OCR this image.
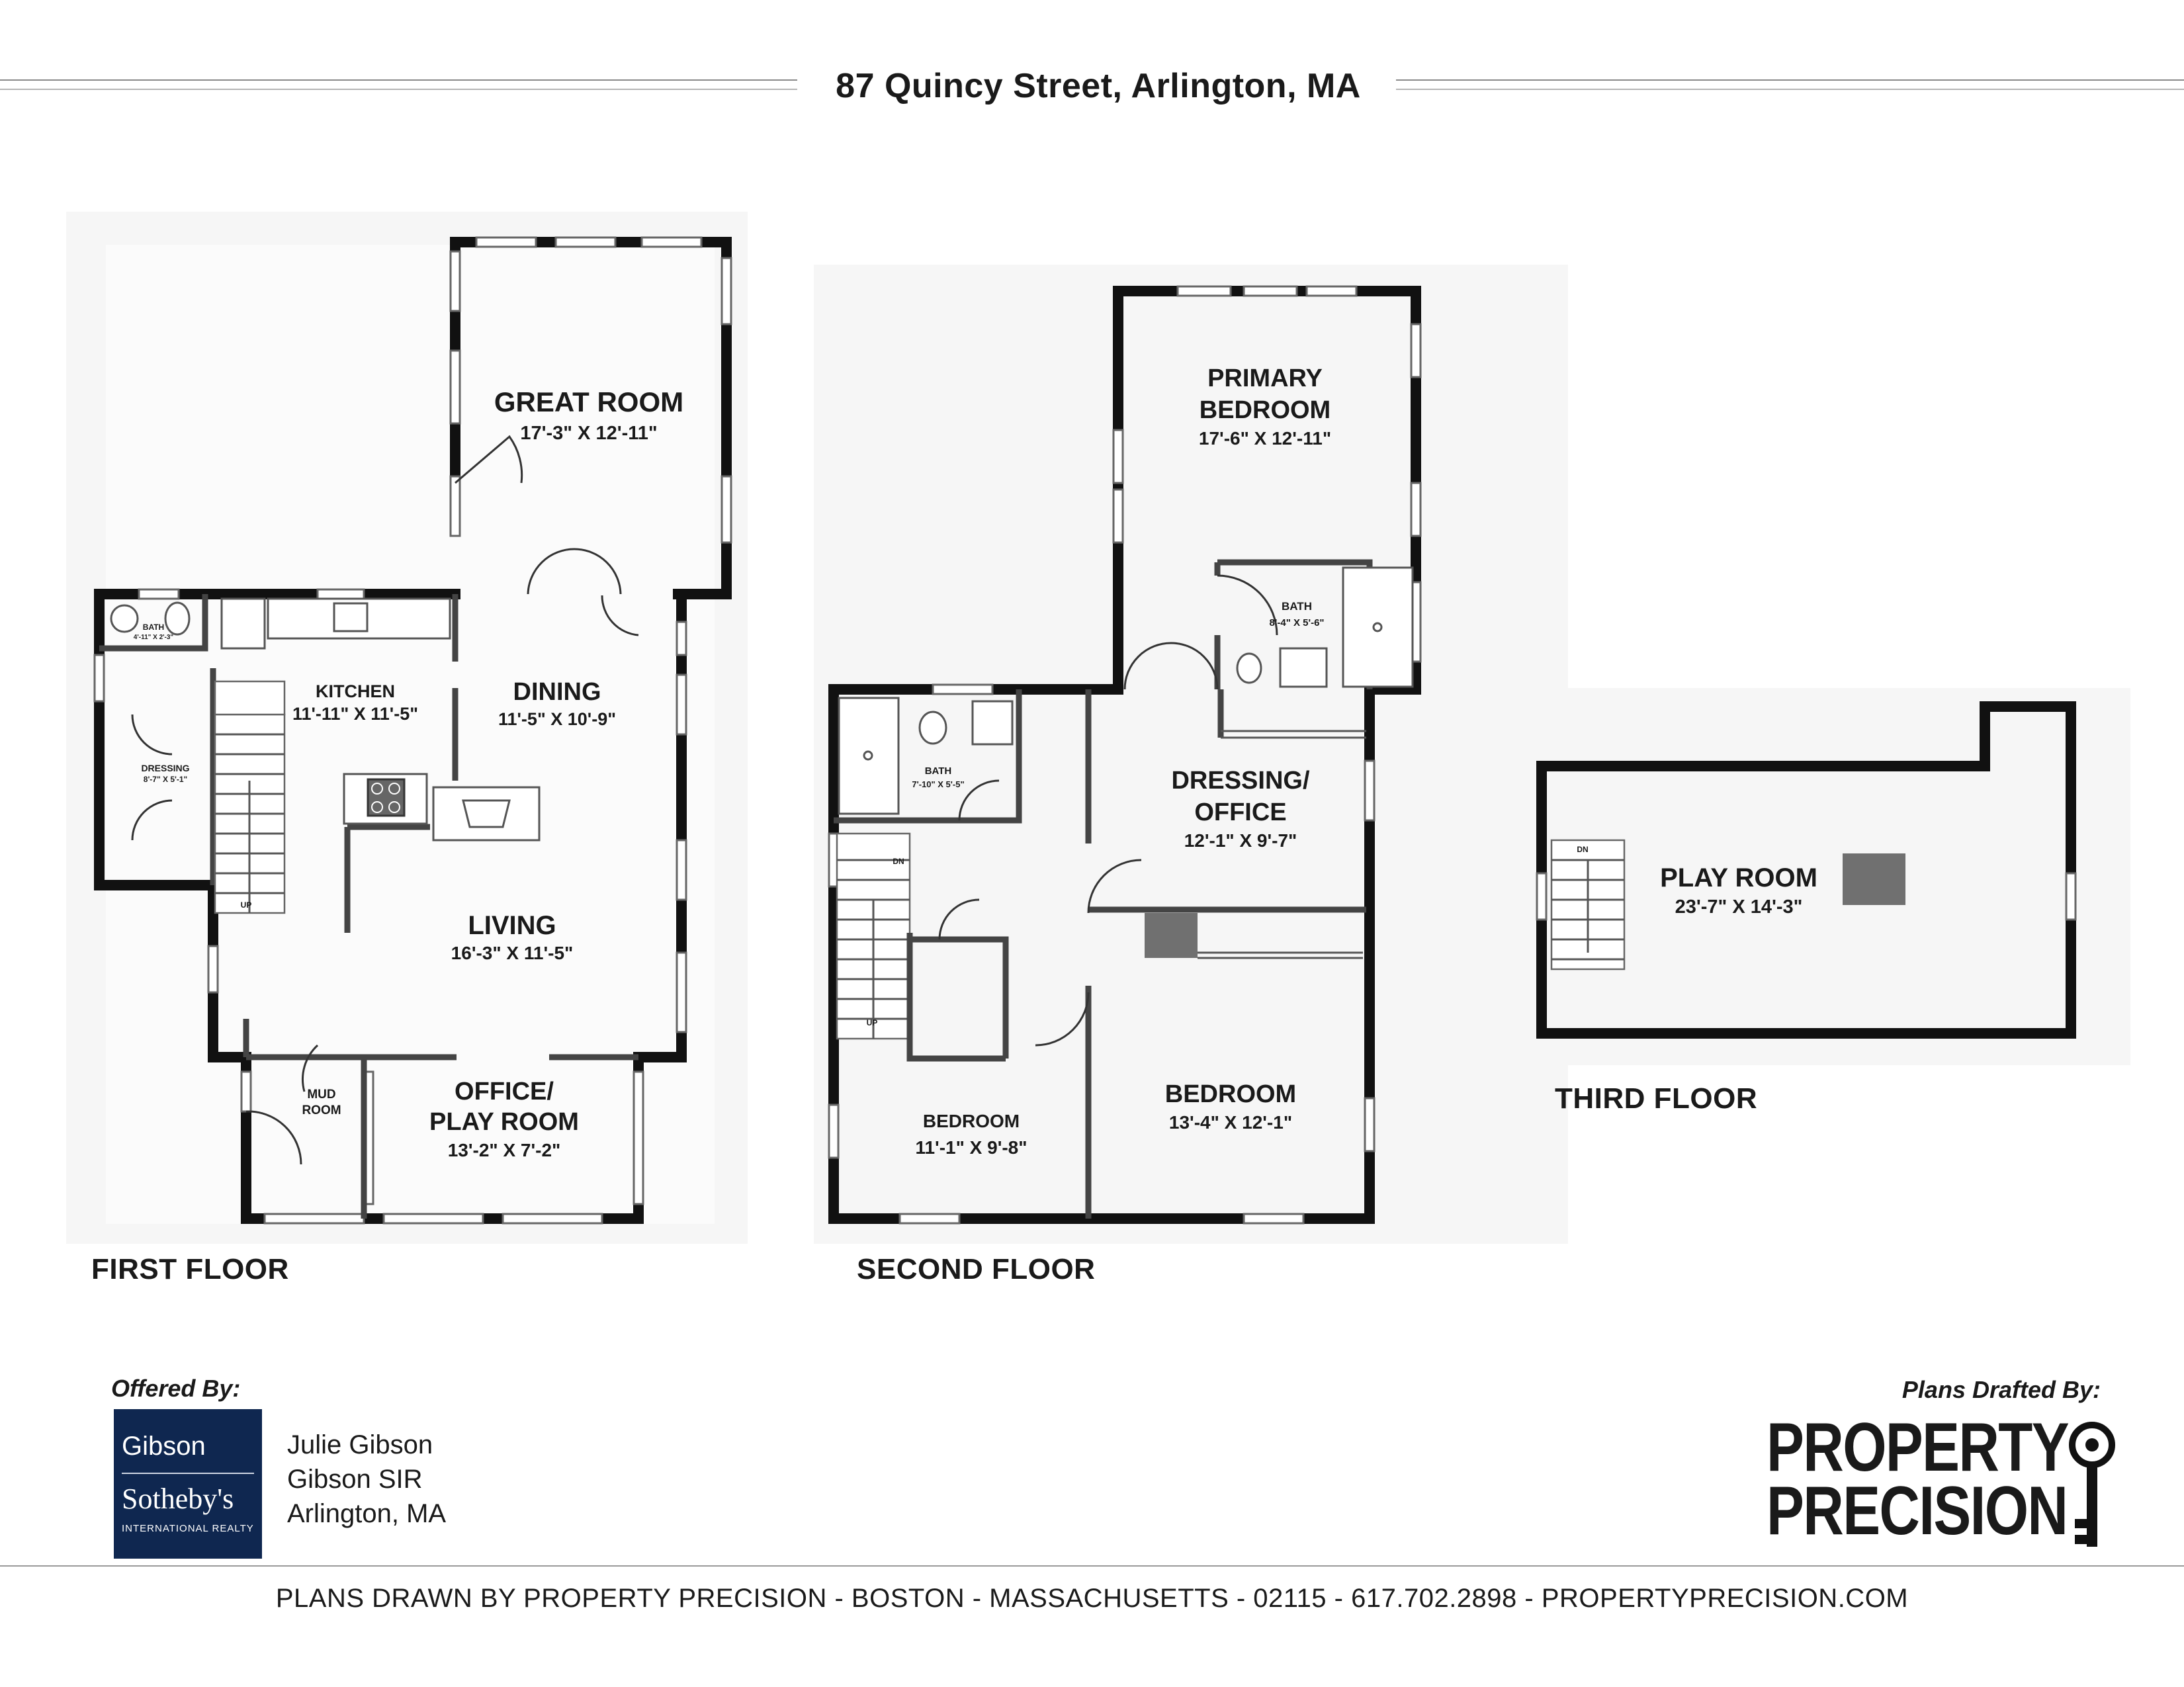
87 Quincy Street, Arlington, MA
GREAT ROOM
17'-3" X 12'-11"
KITCHEN
11'-11" X 11'-5"
DINING
11'-5" X 10'-9"
BATH
4'-11" X 2'-3"
DRESSING
8'-7" X 5'-1"
UP
LIVING
16'-3" X 11'-5"
MUD
ROOM
OFFICE/
PLAY ROOM
13'-2" X 7'-2"
PRIMARY
BEDROOM
17'-6" X 12'-11"
BATH
8'-4" X 5'-6"
BATH
7'-10" X 5'-5"	DRESSING/
OFFICE
12'-1" X 9'-7"
DN
UP
BEDROOM
11'-1" X 9'-8"
BEDROOM
13'-4" X 12'-1"
DN
PLAY ROOM
23'-7" X 14'-3"
FIRST FLOOR	SECOND FLOOR
THIRD FLOOR
Offered By:
Gibson
Sotheby's
INTERNATIONAL REALTY
Julie Gibson
Gibson SIR
Arlington, MA
Plans Drafted By:
PROPERTY
PRECISION
PLANS DRAWN BY PROPERTY PRECISION - BOSTON - MASSACHUSETTS - 02115 - 617.702.2898 - PROPERTYPRECISION.COM
